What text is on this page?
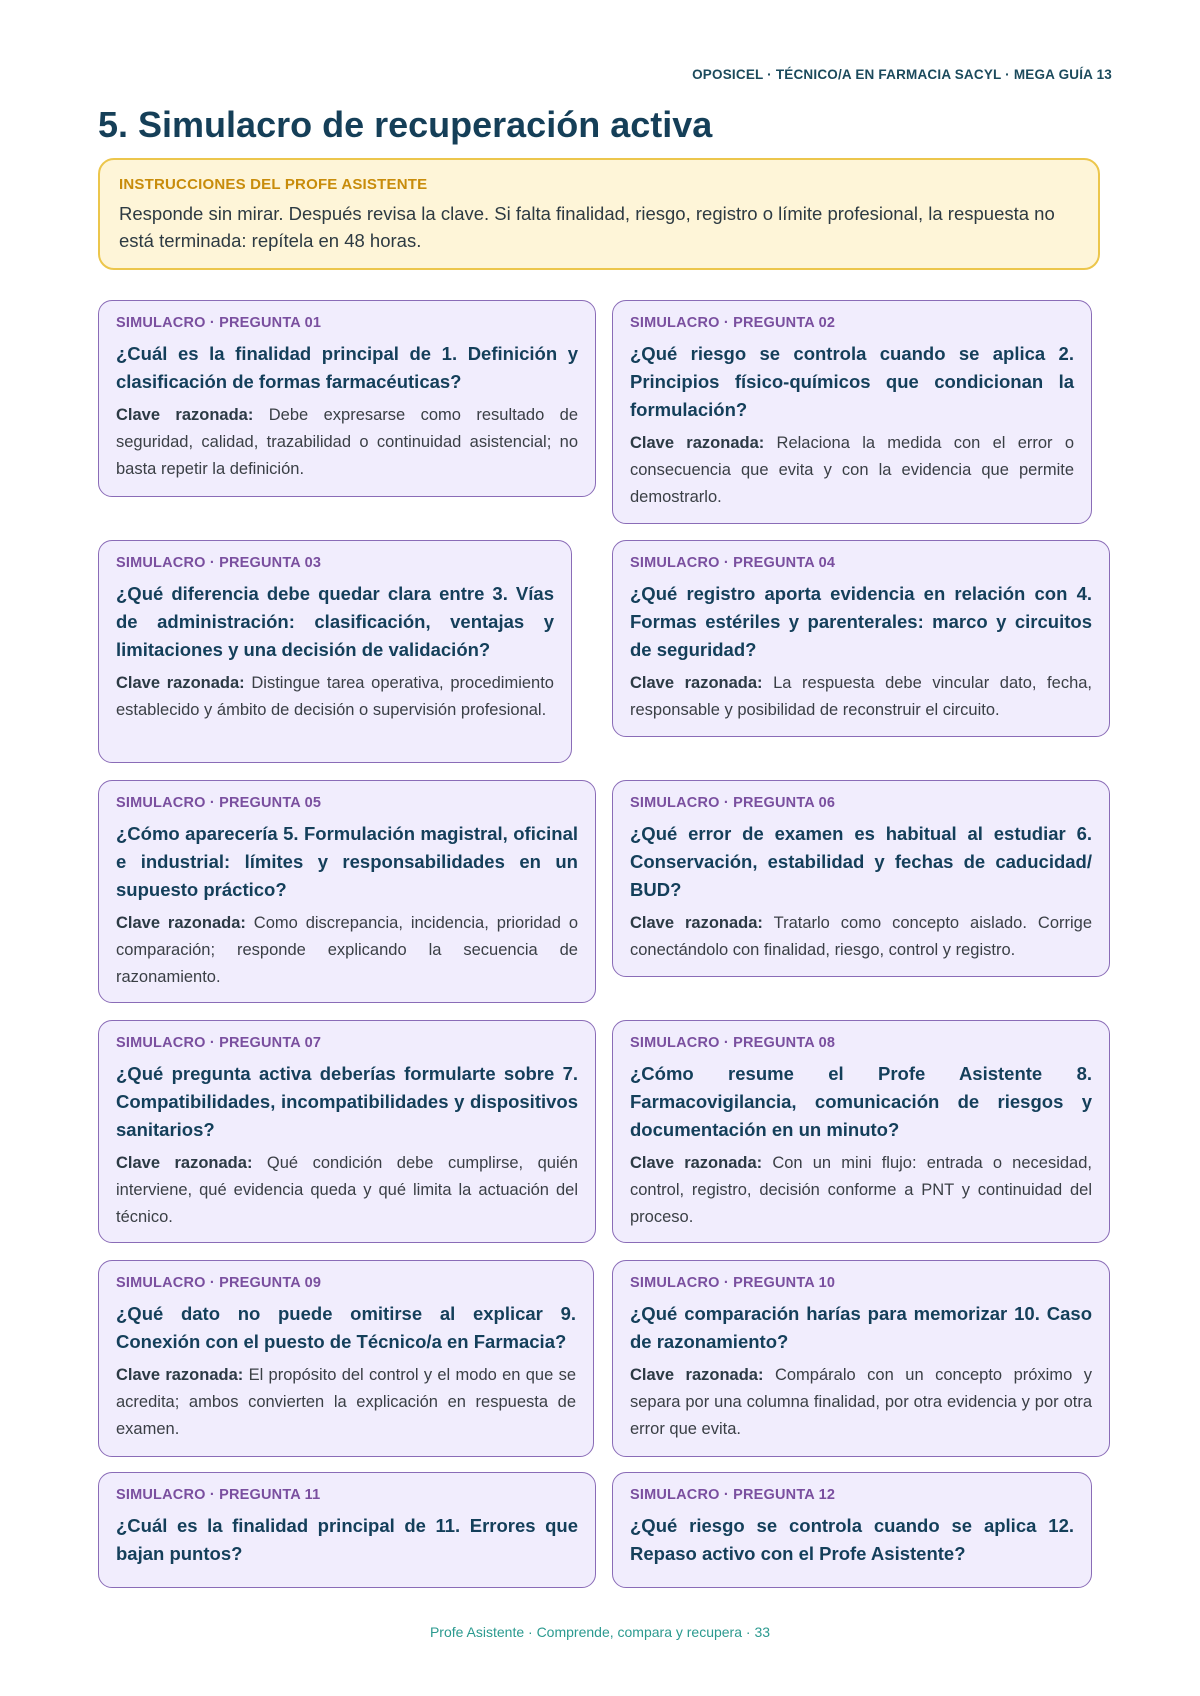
OPOSICEL · TÉCNICO/A EN FARMACIA SACYL · MEGA GUÍA 13
5. Simulacro de recuperación activa
INSTRUCCIONES DEL PROFE ASISTENTE
Responde sin mirar. Después revisa la clave. Si falta finalidad, riesgo, registro o límite profesional, la respuesta no está terminada: repítela en 48 horas.
SIMULACRO · PREGUNTA 01
¿Cuál es la finalidad principal de 1. Definición y clasificación de formas farmacéuticas?
Clave razonada: Debe expresarse como resultado de seguridad, calidad, trazabilidad o continuidad asistencial; no basta repetir la definición.
SIMULACRO · PREGUNTA 02
¿Qué riesgo se controla cuando se aplica 2. Principios físico-químicos que condicionan la formulación?
Clave razonada: Relaciona la medida con el error o consecuencia que evita y con la evidencia que permite demostrarlo.
SIMULACRO · PREGUNTA 03
¿Qué diferencia debe quedar clara entre 3. Vías de administración: clasificación, ventajas y limitaciones y una decisión de validación?
Clave razonada: Distingue tarea operativa, procedimiento establecido y ámbito de decisión o supervisión profesional.
SIMULACRO · PREGUNTA 04
¿Qué registro aporta evidencia en relación con 4. Formas estériles y parenterales: marco y circuitos de seguridad?
Clave razonada: La respuesta debe vincular dato, fecha, responsable y posibilidad de reconstruir el circuito.
SIMULACRO · PREGUNTA 05
¿Cómo aparecería 5. Formulación magistral, oficinal e industrial: límites y responsabilidades en un supuesto práctico?
Clave razonada: Como discrepancia, incidencia, prioridad o comparación; responde explicando la secuencia de razonamiento.
SIMULACRO · PREGUNTA 06
¿Qué error de examen es habitual al estudiar 6. Conservación, estabilidad y fechas de caducidad/ BUD?
Clave razonada: Tratarlo como concepto aislado. Corrige conectándolo con finalidad, riesgo, control y registro.
SIMULACRO · PREGUNTA 07
¿Qué pregunta activa deberías formularte sobre 7. Compatibilidades, incompatibilidades y dispositivos sanitarios?
Clave razonada: Qué condición debe cumplirse, quién interviene, qué evidencia queda y qué limita la actuación del técnico.
SIMULACRO · PREGUNTA 08
¿Cómo resume el Profe Asistente 8. Farmacovigilancia, comunicación de riesgos y documentación en un minuto?
Clave razonada: Con un mini flujo: entrada o necesidad, control, registro, decisión conforme a PNT y continuidad del proceso.
SIMULACRO · PREGUNTA 09
¿Qué dato no puede omitirse al explicar 9. Conexión con el puesto de Técnico/a en Farmacia?
Clave razonada: El propósito del control y el modo en que se acredita; ambos convierten la explicación en respuesta de examen.
SIMULACRO · PREGUNTA 10
¿Qué comparación harías para memorizar 10. Caso de razonamiento?
Clave razonada: Compáralo con un concepto próximo y separa por una columna finalidad, por otra evidencia y por otra error que evita.
SIMULACRO · PREGUNTA 11
¿Cuál es la finalidad principal de 11. Errores que bajan puntos?
SIMULACRO · PREGUNTA 12
¿Qué riesgo se controla cuando se aplica 12. Repaso activo con el Profe Asistente?
Profe Asistente · Comprende, compara y recupera · 33
